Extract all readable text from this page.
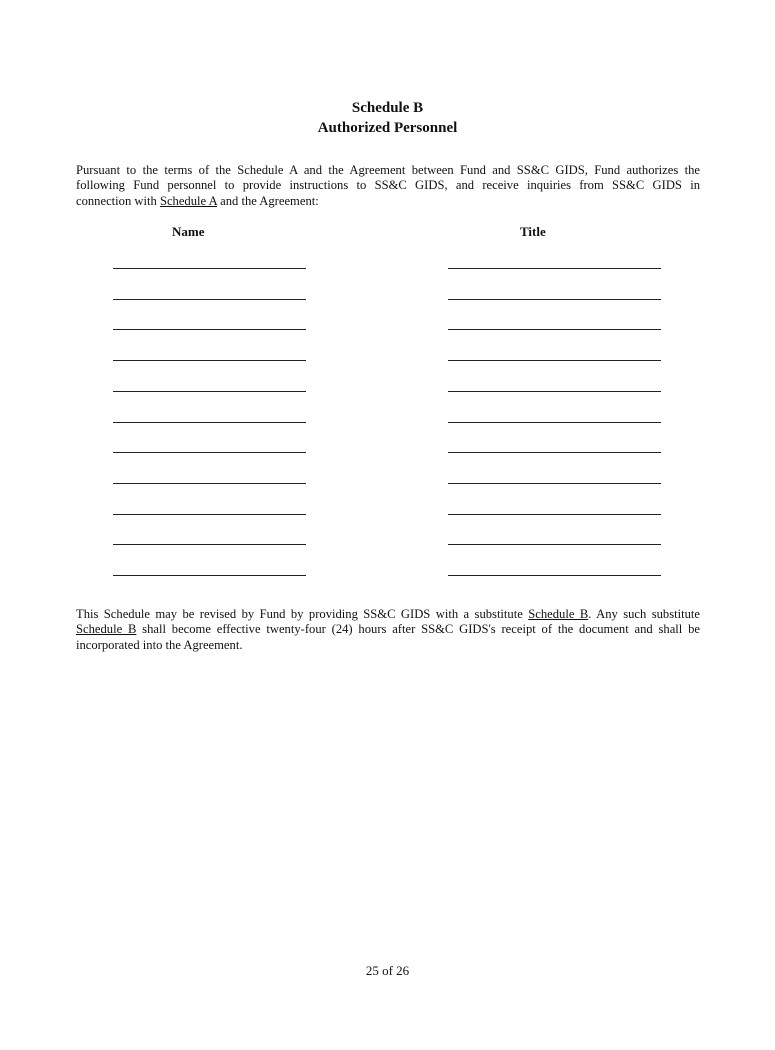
Schedule B
Authorized Personnel
Pursuant to the terms of the Schedule A and the Agreement between Fund and SS&C GIDS, Fund authorizes the
following Fund personnel to provide instructions to SS&C GIDS, and receive inquiries from SS&C GIDS in
connection with Schedule A and the Agreement:
Name	Title
This Schedule may be revised by Fund by providing SS&C GIDS with a substitute Schedule B. Any such substitute
Schedule B shall become effective twenty-four (24) hours after SS&C GIDS's receipt of the document and shall be
incorporated into the Agreement.
25 of 26
